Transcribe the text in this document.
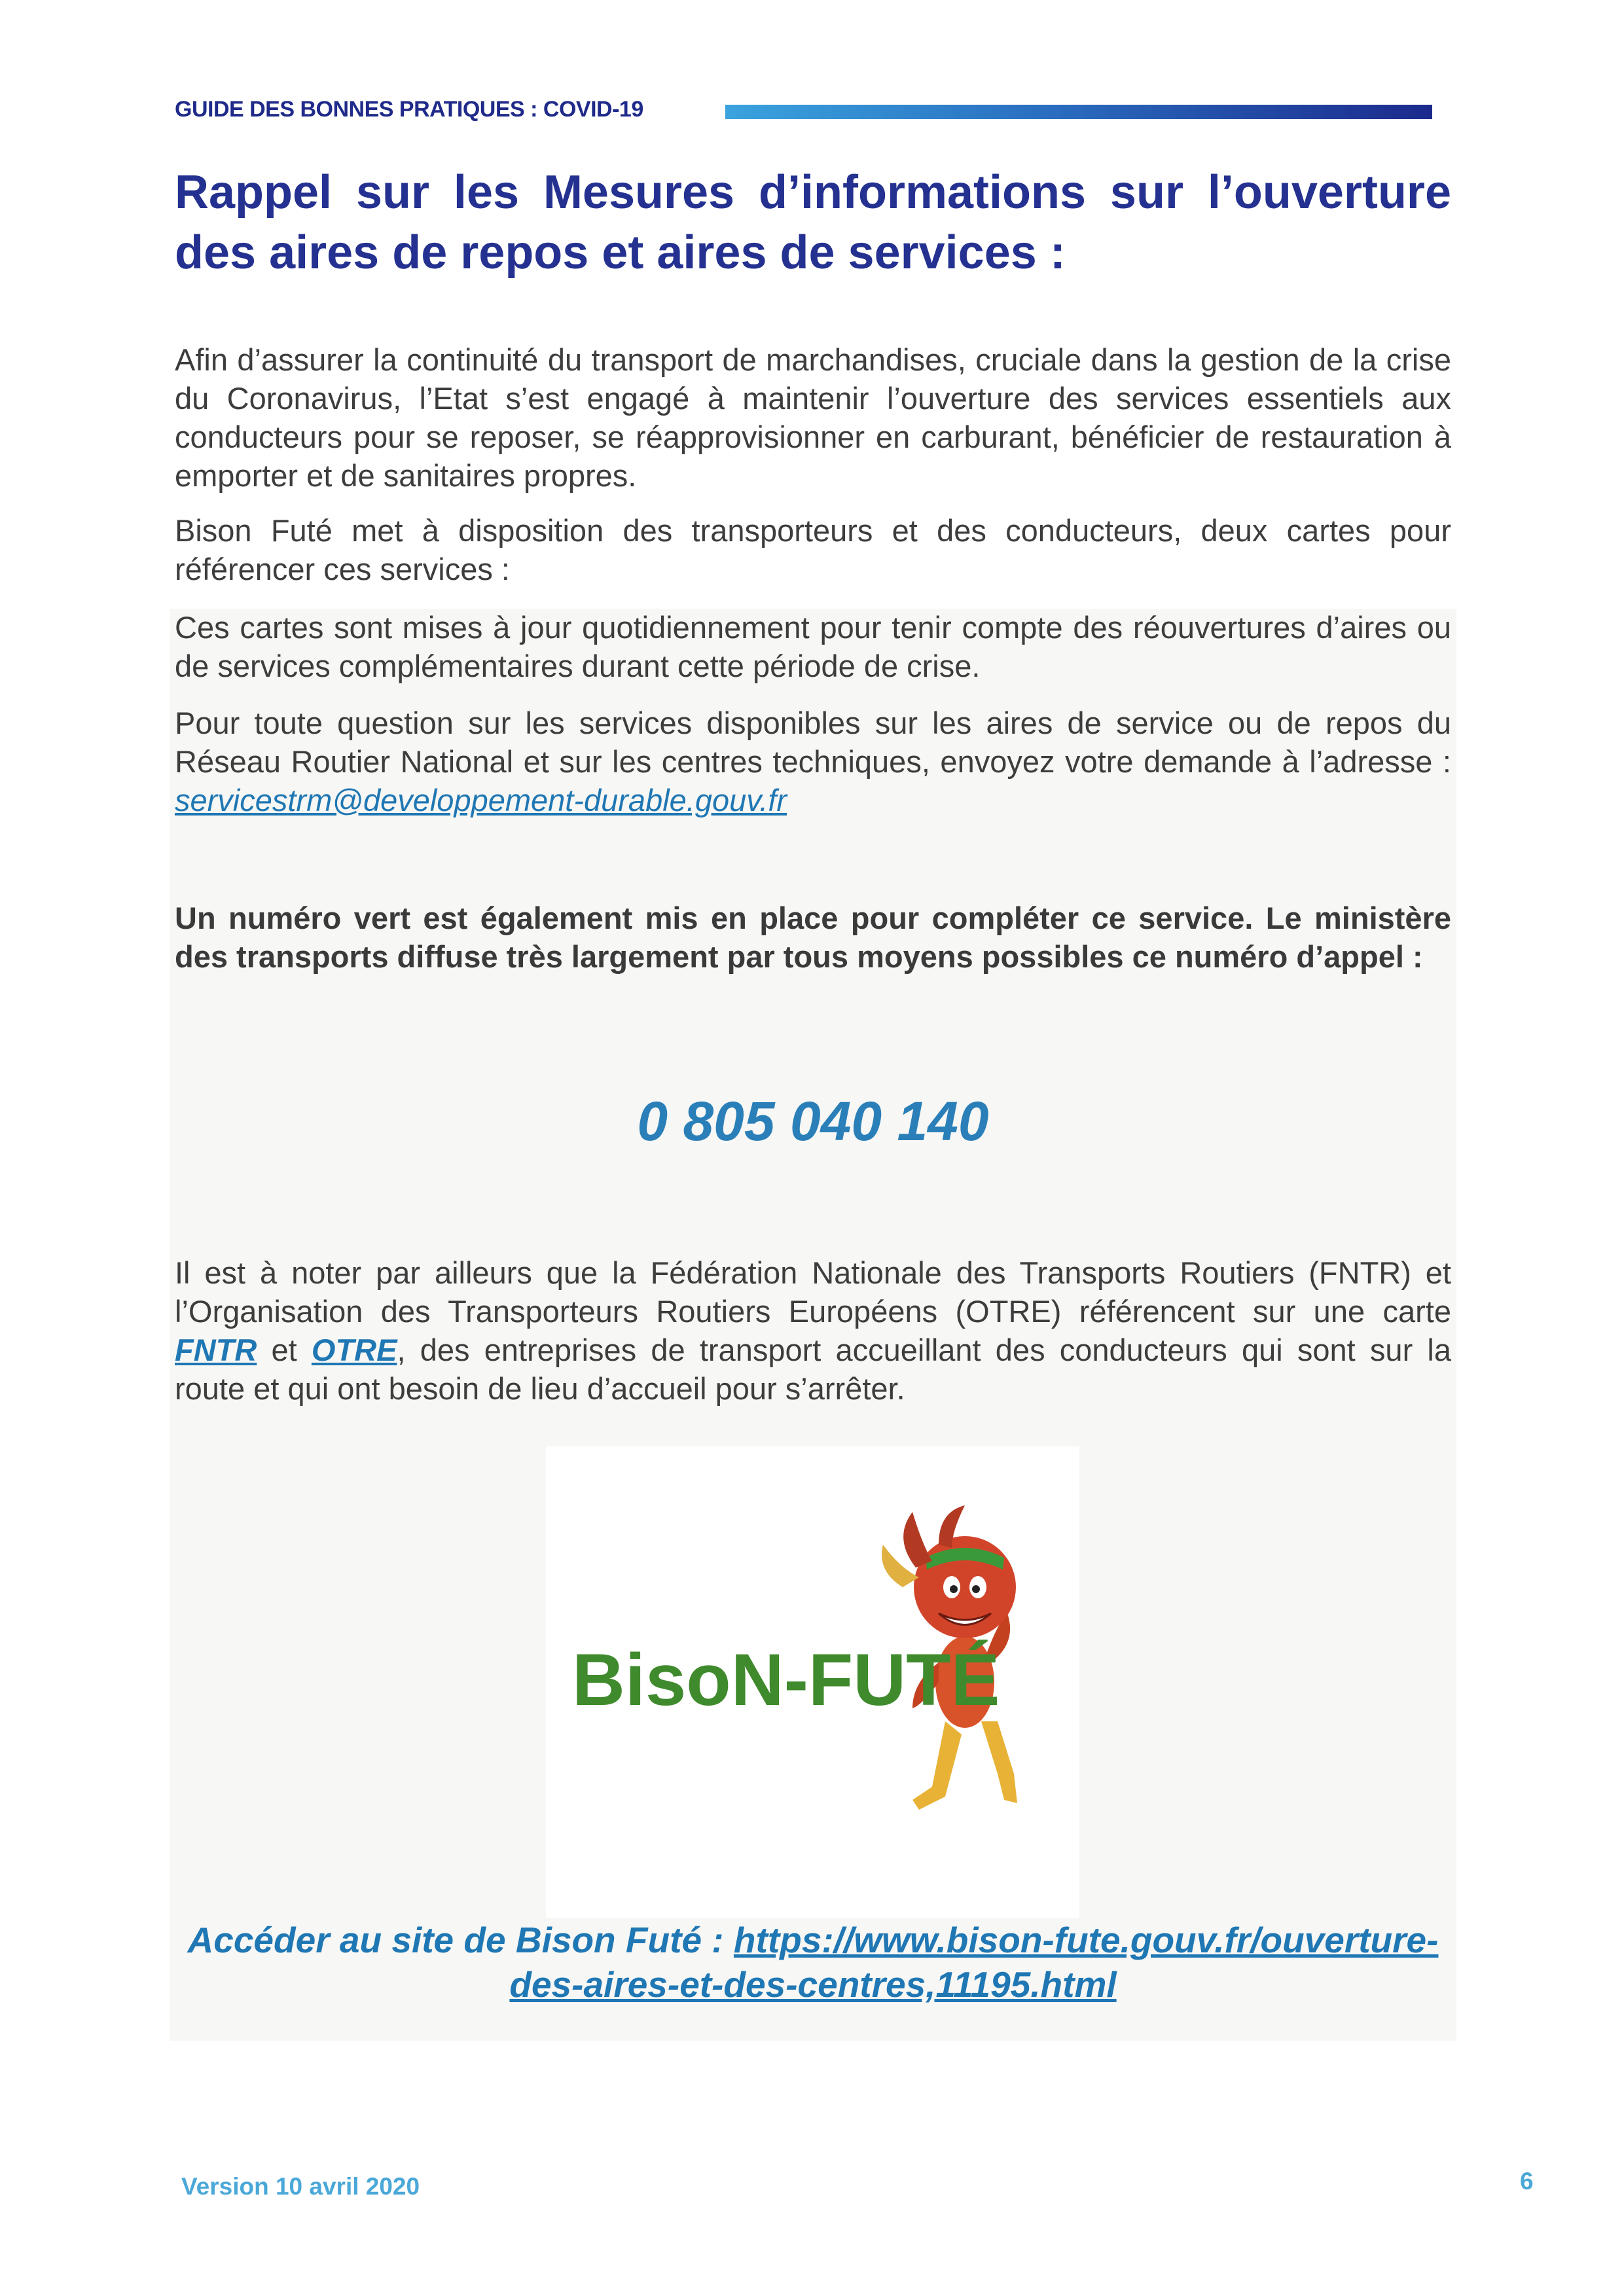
GUIDE DES BONNES PRATIQUES : COVID-19
Rappel sur les Mesures d’informations sur l’ouverture des aires de repos et aires de services :

Afin d’assurer la continuité du transport de marchandises, cruciale dans la gestion de la crise du Coronavirus, l’Etat s’est engagé à maintenir l’ouverture des services essentiels aux conducteurs pour se reposer, se réapprovisionner en carburant, bénéficier de restauration à emporter et de sanitaires propres.

Bison Futé met à disposition des transporteurs et des conducteurs, deux cartes pour référencer ces services :

Ces cartes sont mises à jour quotidiennement pour tenir compte des réouvertures d’aires ou de services complémentaires durant cette période de crise.

Pour toute question sur les services disponibles sur les aires de service ou de repos du Réseau Routier National et sur les centres techniques, envoyez votre demande à l’adresse : servicestrm@developpement-durable.gouv.fr

Un numéro vert est également mis en place pour compléter ce service. Le ministère des transports diffuse très largement par tous moyens possibles ce numéro d’appel :

0 805 040 140

Il est à noter par ailleurs que la Fédération Nationale des Transports Routiers (FNTR) et l’Organisation des Transporteurs Routiers Européens (OTRE) référencent sur une carte FNTR et OTRE, des entreprises de transport accueillant des conducteurs qui sont sur la route et qui ont besoin de lieu d’accueil pour s’arrêter.

BisoN-FUTÉ
Accéder au site de Bison Futé : https://www.bison-fute.gouv.fr/ouverture-des-aires-et-des-centres,11195.html
Version 10 avril 2020	6
